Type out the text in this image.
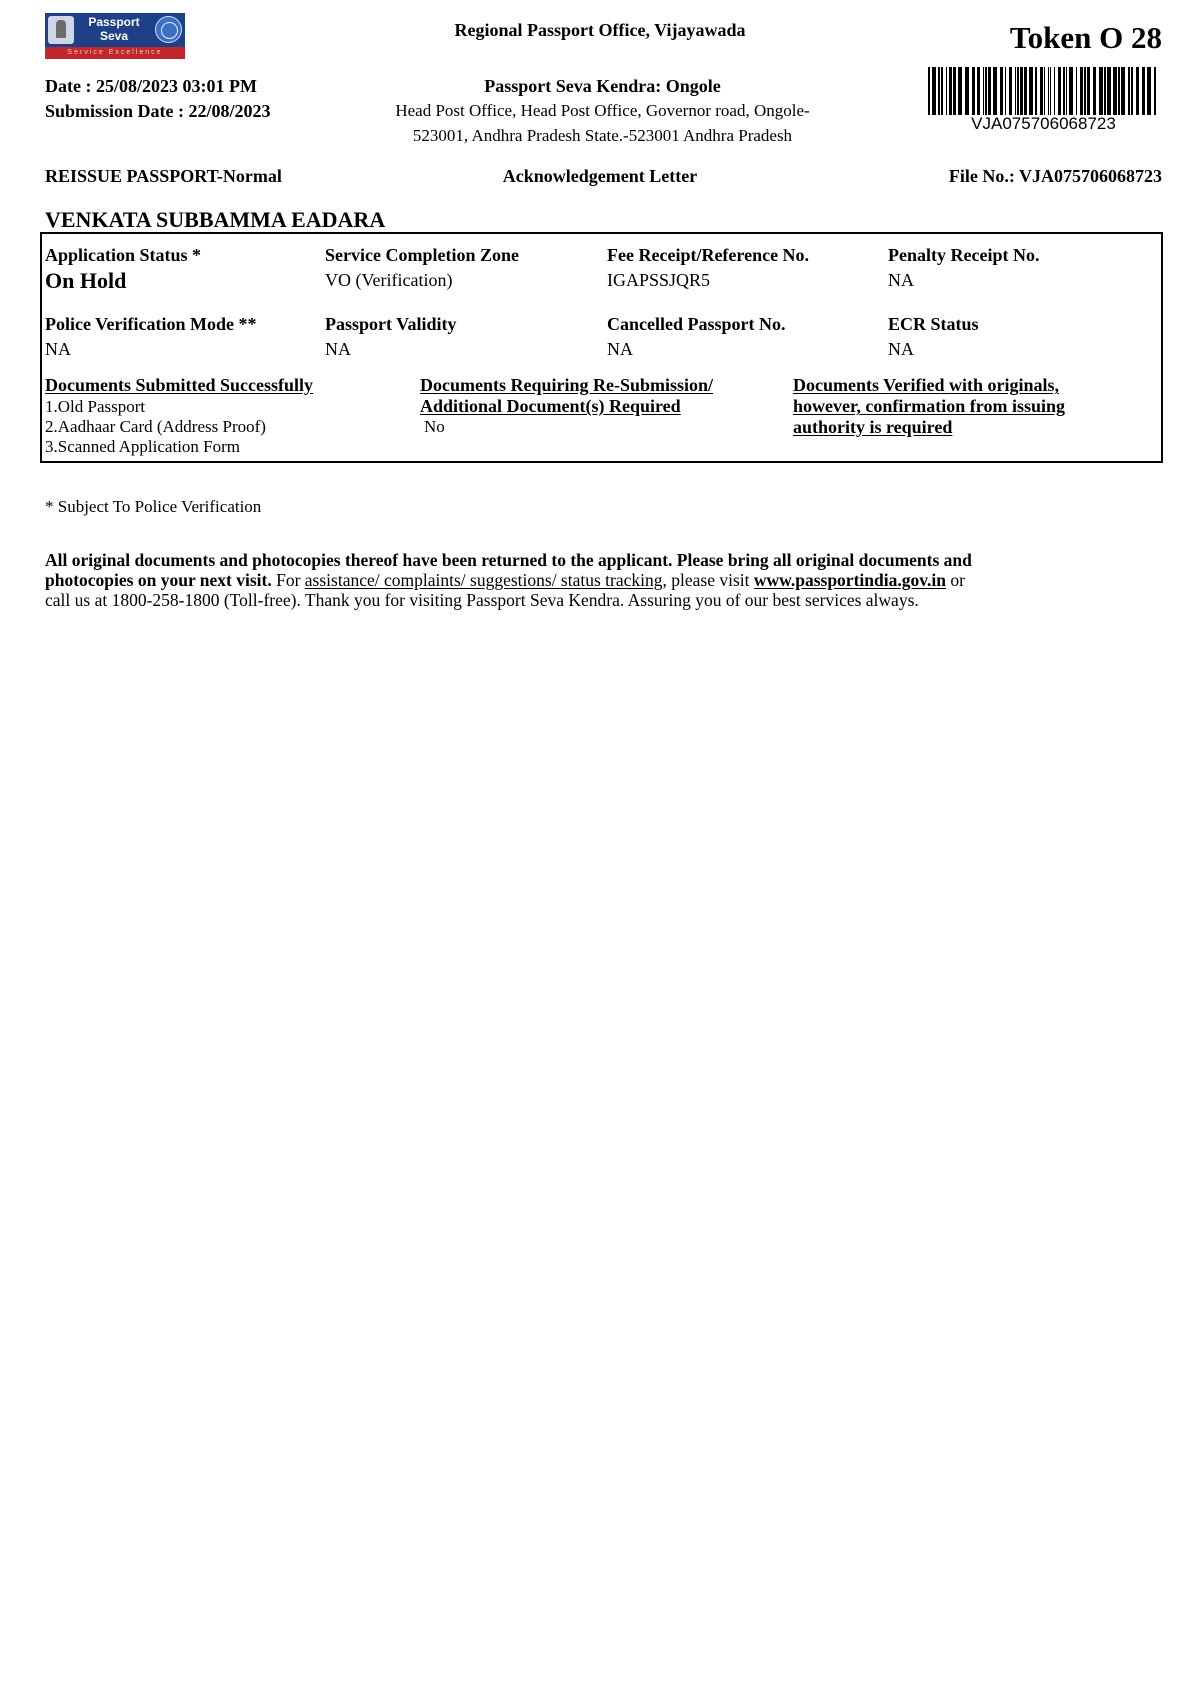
Passport
Seva
Service Excellence
Regional Passport Office, Vijayawada	Token O 28
Date : 25/08/2023 03:01 PM
Submission Date : 22/08/2023
Passport Seva Kendra: Ongole
Head Post Office, Head Post Office, Governor road, Ongole-
523001, Andhra Pradesh State.-523001 Andhra Pradesh
VJA075706068723
REISSUE PASSPORT-Normal	Acknowledgement Letter	File No.: VJA075706068723
VENKATA SUBBAMMA EADARA
Application Status *
On Hold
Service Completion Zone
VO (Verification)
Fee Receipt/Reference No.
IGAPSSJQR5
Penalty Receipt No.
NA
Police Verification Mode **
NA
Passport Validity
NA
Cancelled Passport No.
NA
ECR Status
NA
Documents Submitted Successfully
1.Old Passport
2.Aadhaar Card (Address Proof)
3.Scanned Application Form
Documents Requiring Re-Submission/
Additional Document(s) Required
No
Documents Verified with originals,
however, confirmation from issuing
authority is required
* Subject To Police Verification
All original documents and photocopies thereof have been returned to the applicant. Please bring all original documents and
photocopies on your next visit. For assistance/ complaints/ suggestions/ status tracking, please visit www.passportindia.gov.in or
call us at 1800-258-1800 (Toll-free). Thank you for visiting Passport Seva Kendra. Assuring you of our best services always.
